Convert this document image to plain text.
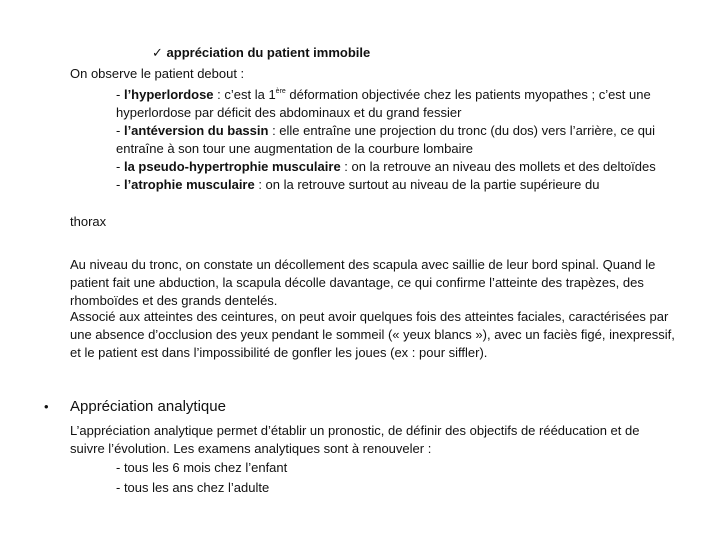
✓ appréciation du patient immobile
On observe le patient debout :

- l’hyperlordose : c’est la 1ère déformation objectivée chez les patients myopathes ; c’est une hyperlordose par déficit des abdominaux et du grand fessier

- l’antéversion du bassin : elle entraîne une projection du tronc (du dos) vers l’arrière, ce qui entraîne à son tour une augmentation de la courbure lombaire

- la pseudo-hypertrophie musculaire : on la retrouve an niveau des mollets et des deltoïdes

- l’atrophie musculaire : on la retrouve surtout au niveau de la partie supérieure du

thorax
Au niveau du tronc, on constate un décollement des scapula avec saillie de leur bord spinal. Quand le patient fait une abduction, la scapula décolle davantage, ce qui confirme l’atteinte des trapèzes, des rhomboïdes et des grands dentelés.
Associé aux atteintes des ceintures, on peut avoir quelques fois des atteintes faciales, caractérisées par une absence d’occlusion des yeux pendant le sommeil (« yeux blancs »), avec un faciès figé, inexpressif, et le patient est dans l’impossibilité de gonfler les joues (ex : pour siffler).
• Appréciation analytique
L’appréciation analytique permet d’établir un pronostic, de définir des objectifs de rééducation et de suivre l’évolution. Les examens analytiques sont à renouveler :
- tous les 6 mois chez l’enfant
- tous les ans chez l’adulte
